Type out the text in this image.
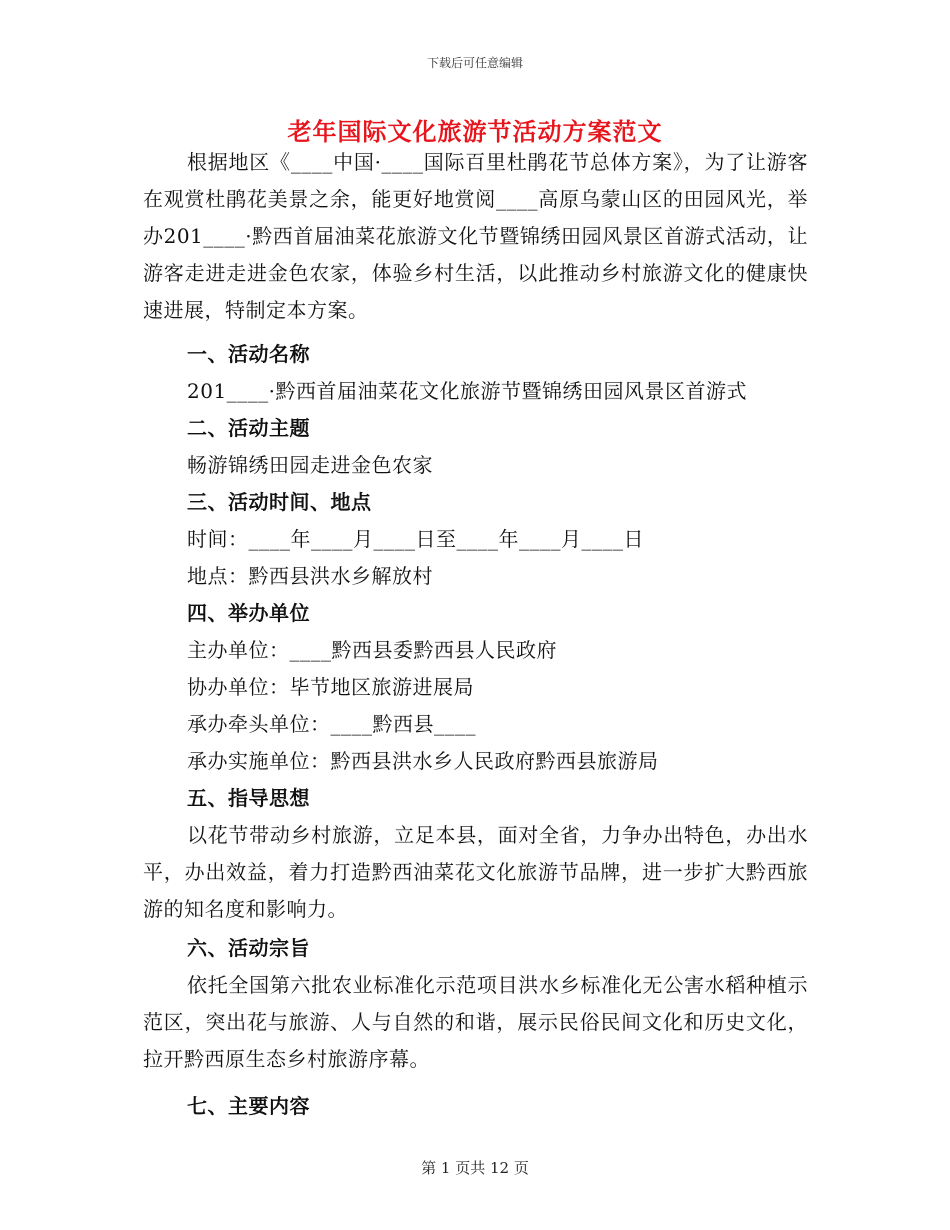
下载后可任意编辑
老年国际文化旅游节活动方案范文

根据地区《____中国·____国际百里杜鹃花节总体方案》，为了让游客在观赏杜鹃花美景之余，能更好地赏阅____高原乌蒙山区的田园风光，举办201____·黔西首届油菜花旅游文化节暨锦绣田园风景区首游式活动，让游客走进走进金色农家，体验乡村生活，以此推动乡村旅游文化的健康快速进展，特制定本方案。

一、活动名称

201____·黔西首届油菜花文化旅游节暨锦绣田园风景区首游式

二、活动主题

畅游锦绣田园走进金色农家

三、活动时间、地点

时间：____年____月____日至____年____月____日

地点：黔西县洪水乡解放村

四、举办单位

主办单位：____黔西县委黔西县人民政府

协办单位：毕节地区旅游进展局

承办牵头单位：____黔西县____

承办实施单位：黔西县洪水乡人民政府黔西县旅游局

五、指导思想

以花节带动乡村旅游，立足本县，面对全省，力争办出特色，办出水平，办出效益，着力打造黔西油菜花文化旅游节品牌，进一步扩大黔西旅游的知名度和影响力。

六、活动宗旨

依托全国第六批农业标准化示范项目洪水乡标准化无公害水稻种植示范区，突出花与旅游、人与自然的和谐，展示民俗民间文化和历史文化，拉开黔西原生态乡村旅游序幕。

七、主要内容

第 1 页共 12 页
